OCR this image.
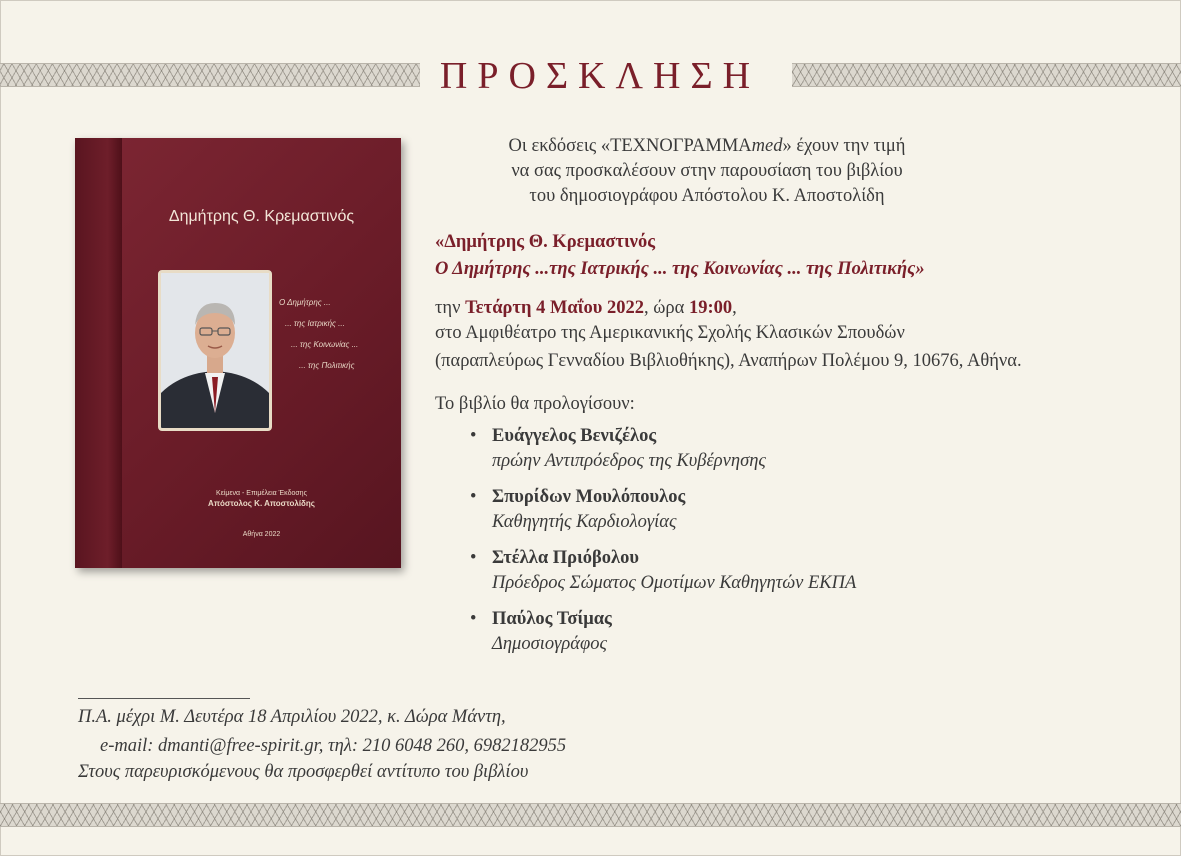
ΠΡΟΣΚΛΗΣΗ
Δημήτρης Θ. Κρεμαστινός
Ο Δημήτρης ...
... της Ιατρικής ...
... της Κοινωνίας ...
... της Πολιτικής
Κείμενα - Επιμέλεια Έκδοσης
Απόστολος Κ. Αποστολίδης
Αθήνα 2022
Οι εκδόσεις «ΤΕΧΝΟΓΡΑΜΜΑmed» έχουν την τιμή
να σας προσκαλέσουν στην παρουσίαση του βιβλίου
του δημοσιογράφου Απόστολου Κ. Αποστολίδη
«Δημήτρης Θ. Κρεμαστινός
Ο Δημήτρης ...της Ιατρικής ... της Κοινωνίας ... της Πολιτικής»
την Τετάρτη 4 Μαΐου 2022, ώρα 19:00,
στο Αμφιθέατρο της Αμερικανικής Σχολής Κλασικών Σπουδών
(παραπλεύρως Γενναδίου Βιβλιοθήκης), Αναπήρων Πολέμου 9, 10676, Αθήνα.
Το βιβλίο θα προλογίσουν:
• Ευάγγελος Βενιζέλος
πρώην Αντιπρόεδρος της Κυβέρνησης
• Σπυρίδων Μουλόπουλος
Καθηγητής Καρδιολογίας
• Στέλλα Πριόβολου
Πρόεδρος Σώματος Ομοτίμων Καθηγητών ΕΚΠΑ
• Παύλος Τσίμας
Δημοσιογράφος
Π.Α. μέχρι Μ. Δευτέρα 18 Απριλίου 2022, κ. Δώρα Μάντη,
e-mail: dmanti@free-spirit.gr, τηλ: 210 6048 260, 6982182955
Στους παρευρισκόμενους θα προσφερθεί αντίτυπο του βιβλίου
